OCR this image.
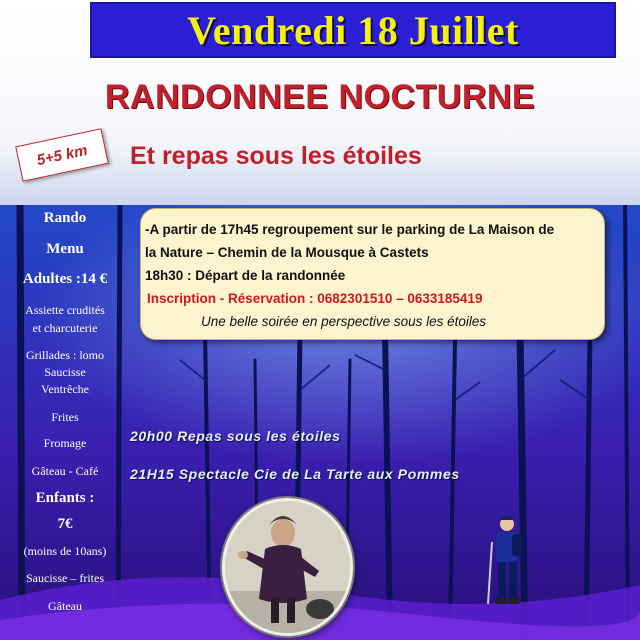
Vendredi 18 Juillet
RANDONNEE NOCTURNE
5+5 km Et repas sous les étoiles
Rando
Menu
Adultes :14 €
Assiette crudités
et charcuterie
Grillades : lomo
Saucisse
Ventrêche
Frites
Fromage
Gâteau - Café
Enfants :
7€
(moins de 10ans)
Saucisse – frites
Gâteau
-A partir de 17h45 regroupement sur le parking de La Maison de
la Nature – Chemin de la Mousque à Castets
18h30 : Départ de la randonnée
Inscription - Réservation : 0682301510 – 0633185419
Une belle soirée en perspective sous les étoiles
20h00 Repas sous les étoiles
21H15 Spectacle Cie de La Tarte aux Pommes
